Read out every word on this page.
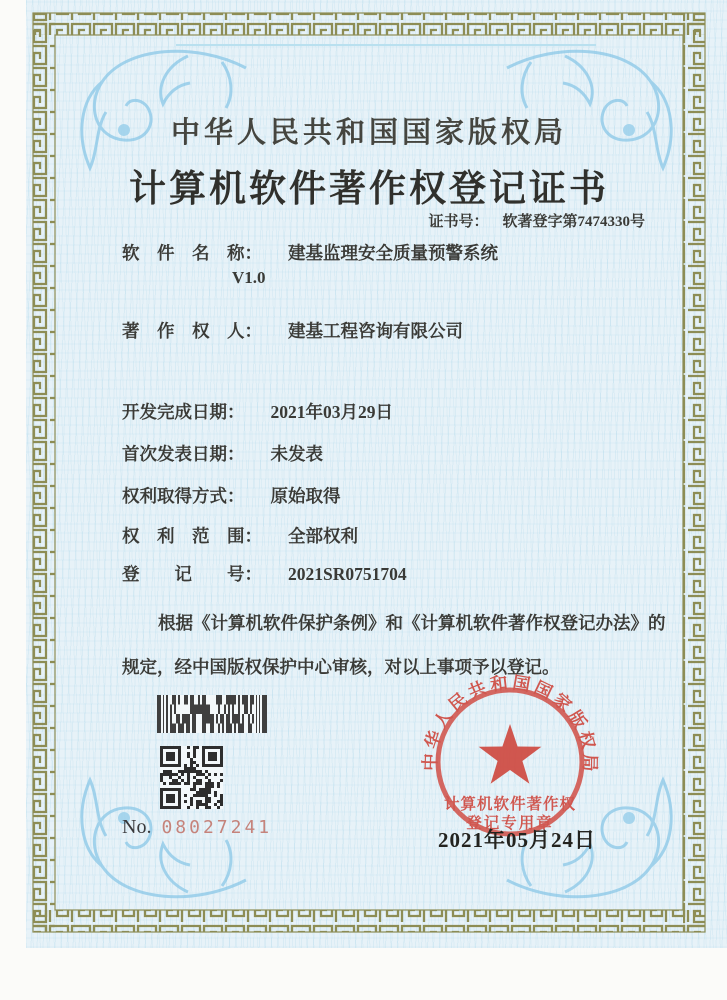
中华人民共和国国家版权局
计算机软件著作权登记证书
证书号： 软著登字第7474330号
软　件　名　称： 建基监理安全质量预警系统
V1.0
著　作　权　人： 建基工程咨询有限公司
开发完成日期： 2021年03月29日
首次发表日期： 未发表
权利取得方式： 原始取得
权　利　范　围： 全部权利
登　　记　　号： 2021SR0751704
根据《计算机软件保护条例》和《计算机软件著作权登记办法》的
规定，经中国版权保护中心审核，对以上事项予以登记。
No. 08027241
中华人民共和国国家版权局
计算机软件著作权
登记专用章
2021年05月24日
